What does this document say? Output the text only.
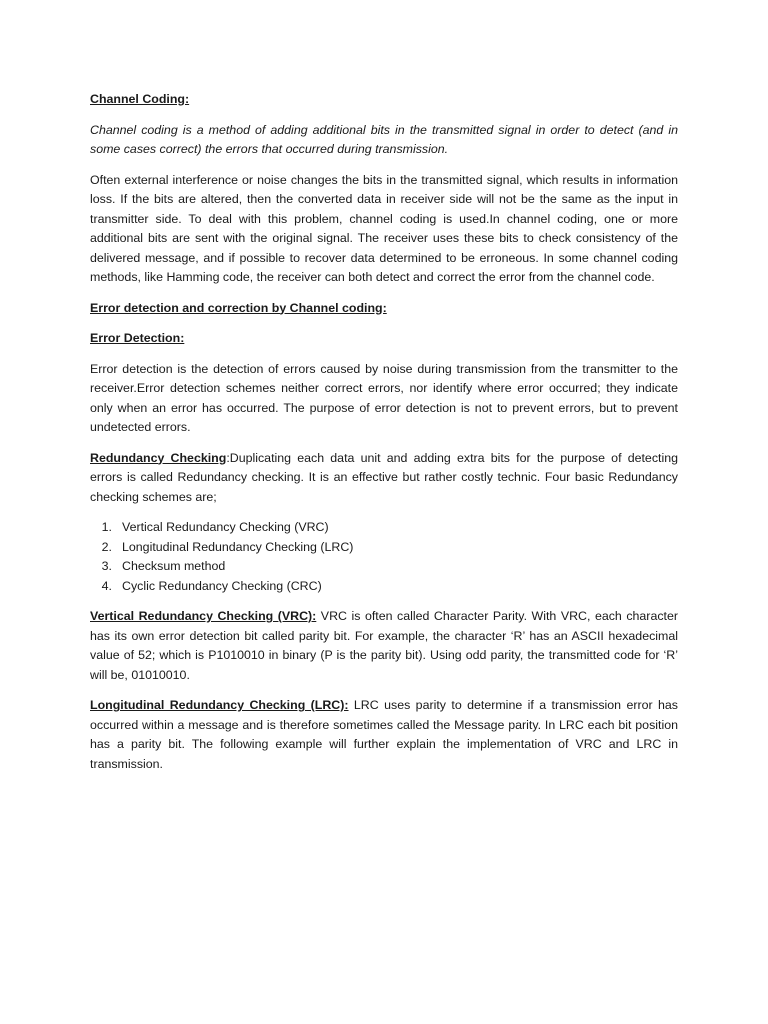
Channel Coding:

Channel coding is a method of adding additional bits in the transmitted signal in order to detect (and in some cases correct) the errors that occurred during transmission.

Often external interference or noise changes the bits in the transmitted signal, which results in information loss. If the bits are altered, then the converted data in receiver side will not be the same as the input in transmitter side. To deal with this problem, channel coding is used.In channel coding, one or more additional bits are sent with the original signal. The receiver uses these bits to check consistency of the delivered message, and if possible to recover data determined to be erroneous. In some channel coding methods, like Hamming code, the receiver can both detect and correct the error from the channel code.

Error detection and correction by Channel coding:

Error Detection:

Error detection is the detection of errors caused by noise during transmission from the transmitter to the receiver.Error detection schemes neither correct errors, nor identify where error occurred; they indicate only when an error has occurred. The purpose of error detection is not to prevent errors, but to prevent undetected errors.

Redundancy Checking:Duplicating each data unit and adding extra bits for the purpose of detecting errors is called Redundancy checking. It is an effective but rather costly technic. Four basic Redundancy checking schemes are;

1. Vertical Redundancy Checking (VRC)
2. Longitudinal Redundancy Checking (LRC)
3. Checksum method
4. Cyclic Redundancy Checking (CRC)

Vertical Redundancy Checking (VRC): VRC is often called Character Parity. With VRC, each character has its own error detection bit called parity bit. For example, the character ‘R’ has an ASCII hexadecimal value of 52; which is P1010010 in binary (P is the parity bit). Using odd parity, the transmitted code for ‘R’ will be, 01010010.

Longitudinal Redundancy Checking (LRC): LRC uses parity to determine if a transmission error has occurred within a message and is therefore sometimes called the Message parity. In LRC each bit position has a parity bit. The following example will further explain the implementation of VRC and LRC in transmission.
